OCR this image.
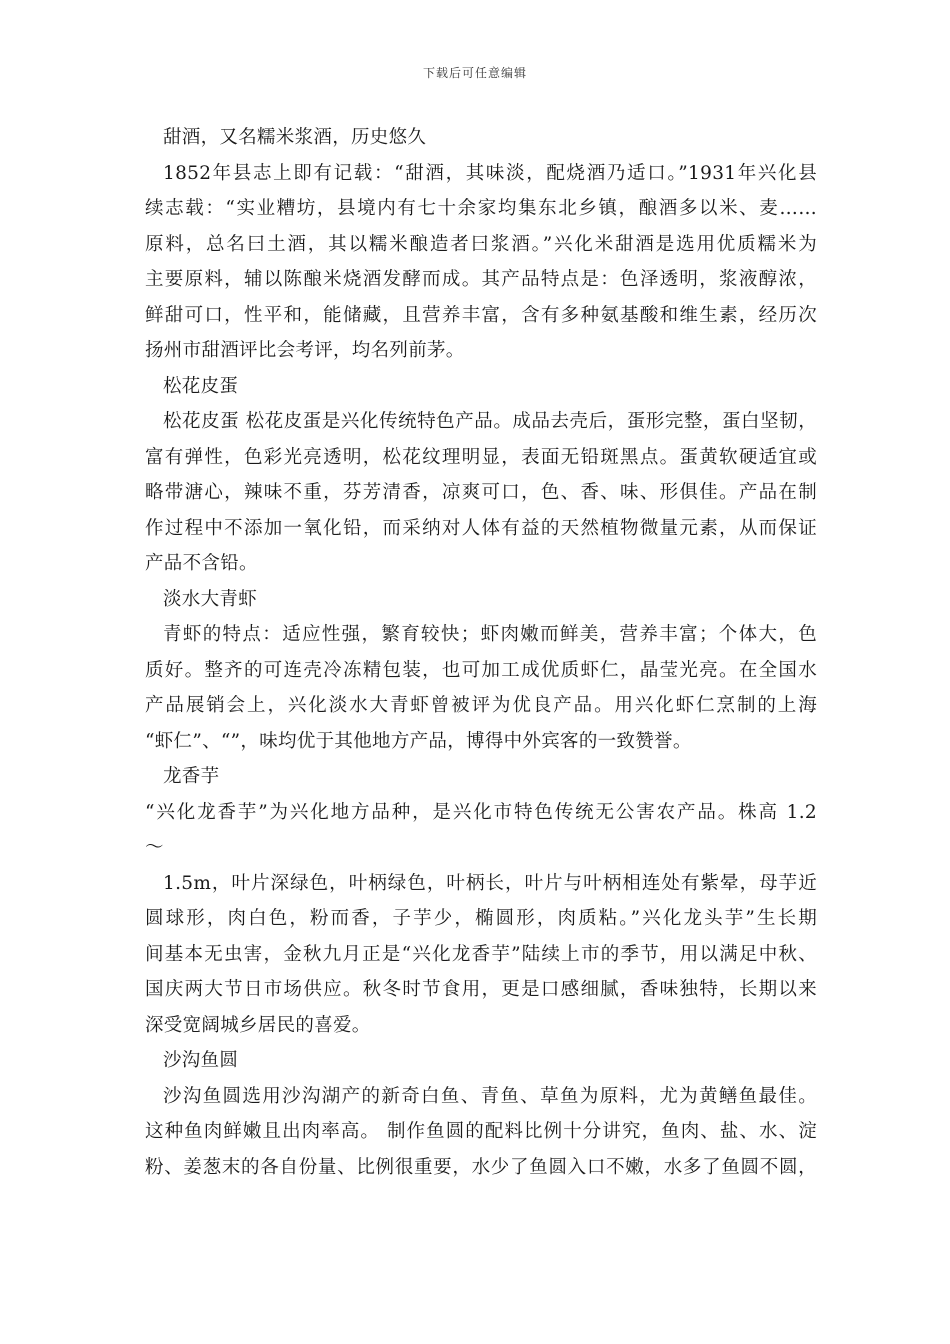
下载后可任意编辑
甜酒，又名糯米浆酒，历史悠久
1852年县志上即有记载：“甜酒，其味淡，配烧酒乃适口。”1931年兴化县
续志载：“实业糟坊，县境内有七十余家均集东北乡镇，酿酒多以米、麦……
原料，总名曰土酒，其以糯米酿造者曰浆酒。”兴化米甜酒是选用优质糯米为
主要原料，辅以陈酿米烧酒发酵而成。其产品特点是：色泽透明，浆液醇浓，
鲜甜可口，性平和，能储藏，且营养丰富，含有多种氨基酸和维生素，经历次
扬州市甜酒评比会考评，均名列前茅。
松花皮蛋
松花皮蛋 松花皮蛋是兴化传统特色产品。成品去壳后，蛋形完整，蛋白坚韧，
富有弹性，色彩光亮透明，松花纹理明显，表面无铅斑黑点。蛋黄软硬适宜或
略带溏心，辣味不重，芬芳清香，凉爽可口，色、香、味、形俱佳。产品在制
作过程中不添加一氧化铅，而采纳对人体有益的天然植物微量元素，从而保证
产品不含铅。
淡水大青虾
青虾的特点：适应性强，繁育较快；虾肉嫩而鲜美，营养丰富；个体大，色
质好。整齐的可连壳冷冻精包装，也可加工成优质虾仁，晶莹光亮。在全国水
产品展销会上，兴化淡水大青虾曾被评为优良产品。用兴化虾仁烹制的上海
“虾仁”、“”，味均优于其他地方产品，博得中外宾客的一致赞誉。
龙香芋
“兴化龙香芋”为兴化地方品种，是兴化市特色传统无公害农产品。株高 1.2
～
1.5m，叶片深绿色，叶柄绿色，叶柄长，叶片与叶柄相连处有紫晕，母芋近
圆球形，肉白色，粉而香，子芋少，椭圆形，肉质粘。”兴化龙头芋”生长期
间基本无虫害，金秋九月正是“兴化龙香芋”陆续上市的季节，用以满足中秋、
国庆两大节日市场供应。秋冬时节食用，更是口感细腻，香味独特，长期以来
深受宽阔城乡居民的喜爱。
沙沟鱼圆
沙沟鱼圆选用沙沟湖产的新奇白鱼、青鱼、草鱼为原料，尤为黄鳝鱼最佳。
这种鱼肉鲜嫩且出肉率高。 制作鱼圆的配料比例十分讲究，鱼肉、盐、水、淀
粉、姜葱末的各自份量、比例很重要，水少了鱼圆入口不嫩，水多了鱼圆不圆，
